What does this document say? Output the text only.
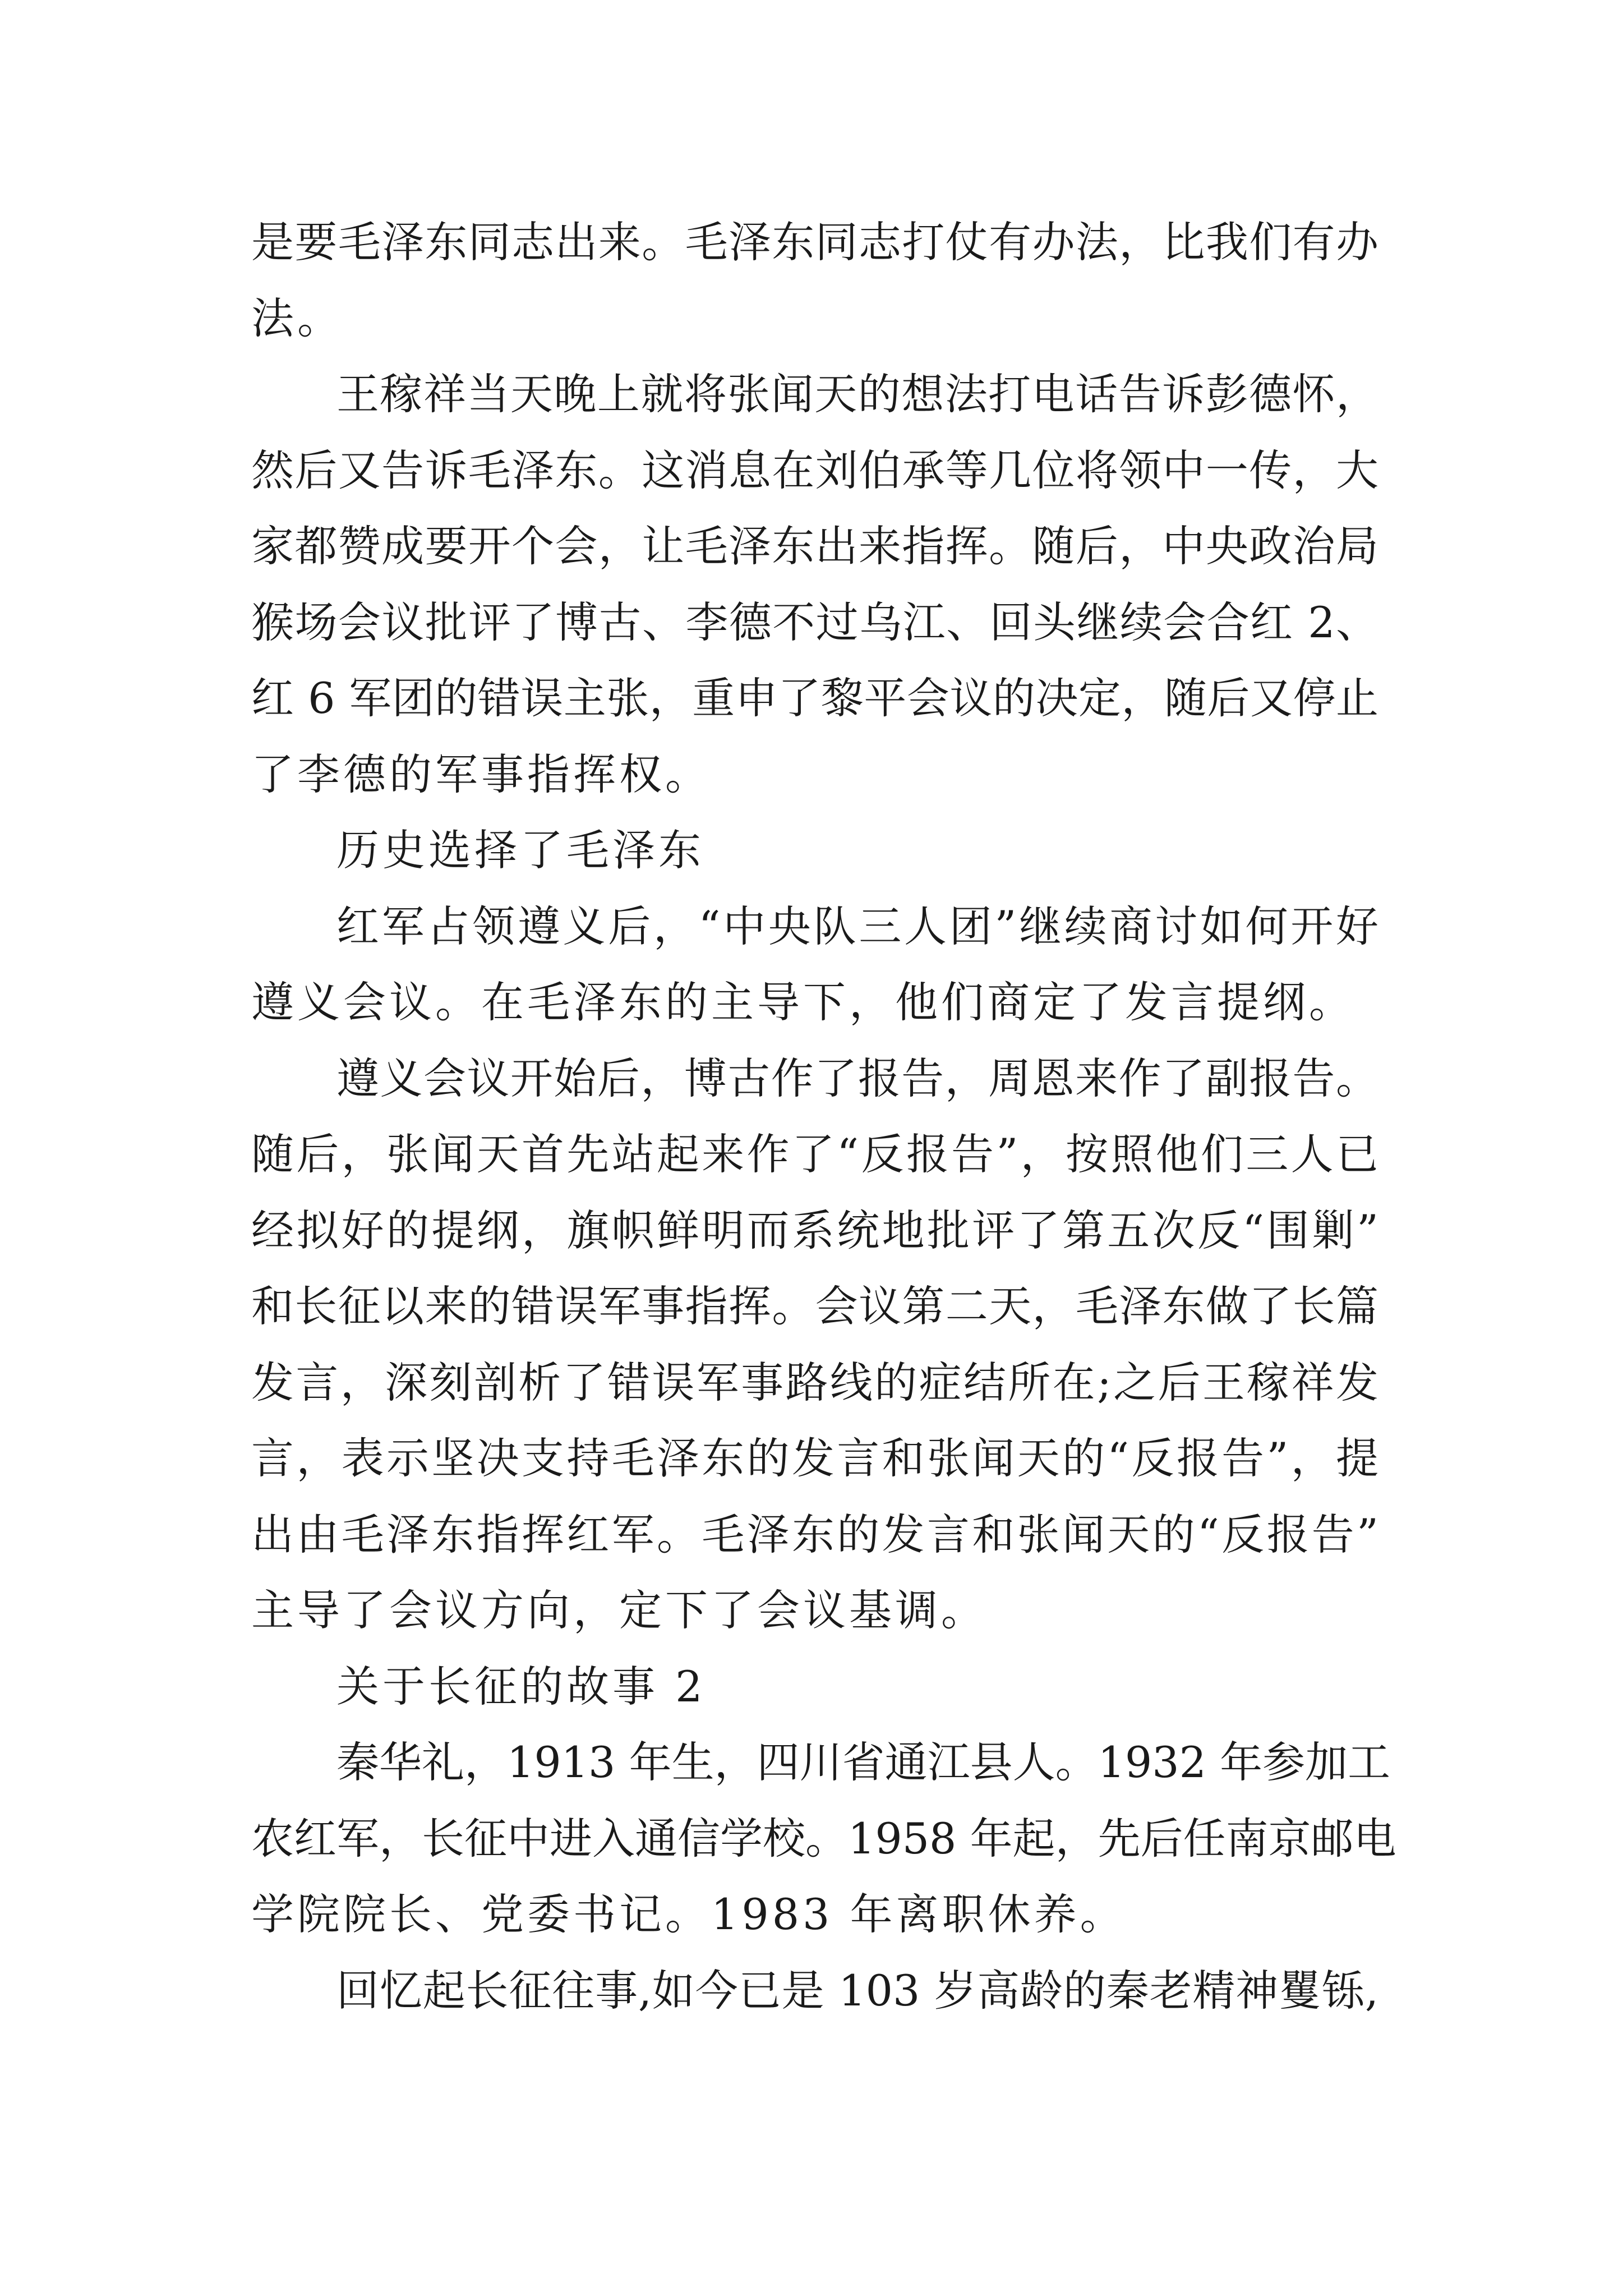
是要毛泽东同志出来。毛泽东同志打仗有办法，比我们有办
法。
王稼祥当天晚上就将张闻天的想法打电话告诉彭德怀，
然后又告诉毛泽东。这消息在刘伯承等几位将领中一传，大
家都赞成要开个会，让毛泽东出来指挥。随后，中央政治局
猴场会议批评了博古、李德不过乌江、回头继续会合红 2、
红 6 军团的错误主张，重申了黎平会议的决定，随后又停止
了李德的军事指挥权。
历史选择了毛泽东
红军占领遵义后，“中央队三人团”继续商讨如何开好
遵义会议。在毛泽东的主导下，他们商定了发言提纲。
遵义会议开始后，博古作了报告，周恩来作了副报告。
随后，张闻天首先站起来作了“反报告”，按照他们三人已
经拟好的提纲，旗帜鲜明而系统地批评了第五次反“围剿”
和长征以来的错误军事指挥。会议第二天，毛泽东做了长篇
发言，深刻剖析了错误军事路线的症结所在;之后王稼祥发
言，表示坚决支持毛泽东的发言和张闻天的“反报告”，提
出由毛泽东指挥红军。毛泽东的发言和张闻天的“反报告”
主导了会议方向，定下了会议基调。
关于长征的故事 2
秦华礼，1913 年生，四川省通江县人。1932 年参加工
农红军，长征中进入通信学校。1958 年起，先后任南京邮电
学院院长、党委书记。1983 年离职休养。
回忆起长征往事,如今已是 103 岁高龄的秦老精神矍铄,
